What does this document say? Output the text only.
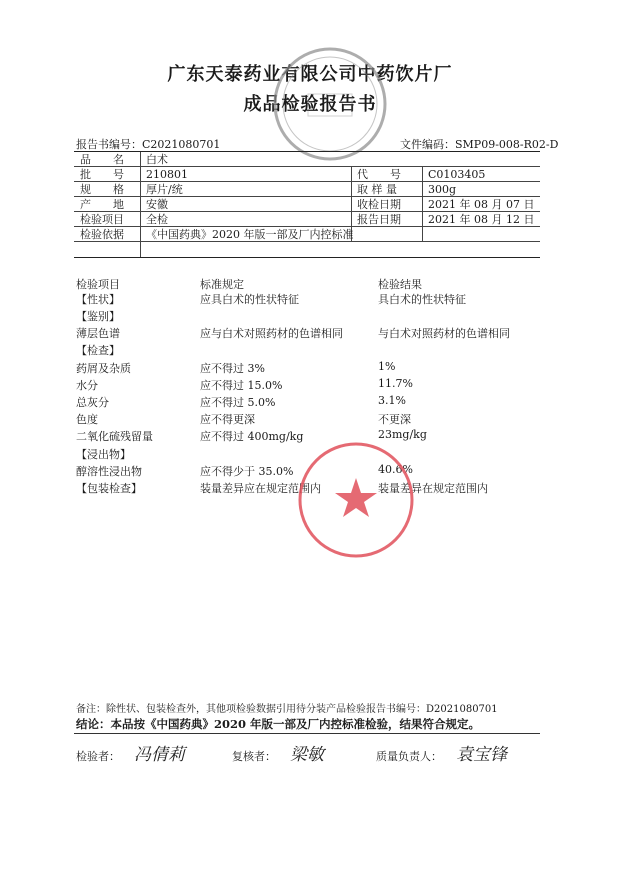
广东天泰药业有限公司中药饮片厂
成品检验报告书
报告书编号：C2021080701	文件编码：SMP09-008-R02-D
品　　名 白术
批　　号 210801	代　　号 C0103405
规　　格 厚片/统	取 样 量	300g
产　　地 安徽	收检日期 2021 年 08 月 07 日
检验项目 全检	报告日期 2021 年 08 月 12 日
检验依据 《中国药典》2020 年版一部及厂内控标准
检验项目	标准规定	检验结果
【性状】	应具白术的性状特征	具白术的性状特征
【鉴别】
薄层色谱	应与白术对照药材的色谱相同	与白术对照药材的色谱相同
【检查】
药屑及杂质	应不得过 3%	1%
水分	应不得过 15.0%	11.7%
总灰分	应不得过 5.0%	3.1%
色度	应不得更深	不更深
二氧化硫残留量	应不得过 400mg/kg	23mg/kg
【浸出物】
醇溶性浸出物	应不得少于 35.0%	40.6%
【包装检查】	装量差异应在规定范围内	装量差异在规定范围内
备注：除性状、包装检查外，其他项检验数据引用待分装产品检验报告书编号：D2021080701
结论：本品按《中国药典》2020 年版一部及厂内控标准检验，结果符合规定。
检验者： 冯倩莉	复核者： 梁敏	质量负责人： 袁宝锋
